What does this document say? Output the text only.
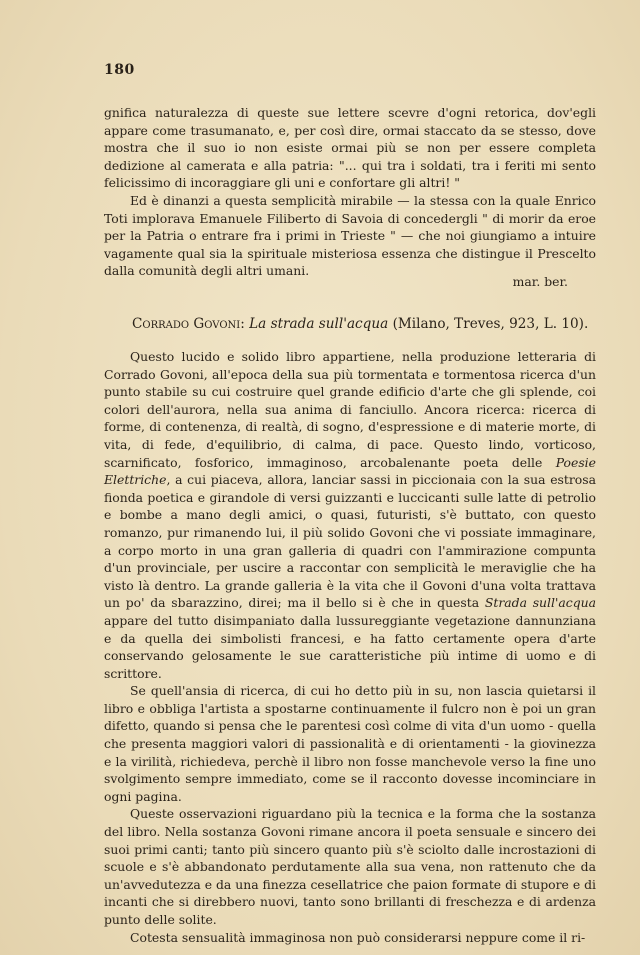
180

gnifica naturalezza di queste sue lettere scevre d'ogni retorica, dov'egli appare come trasumanato, e, per così dire, ormai staccato da se stesso, dove mostra che il suo io non esiste ormai più se non per essere completa dedizione al camerata e alla patria: "... qui tra i soldati, tra i feriti mi sento felicissimo di incoraggiare gli uni e confortare gli altri! "

Ed è dinanzi a questa semplicità mirabile — la stessa con la quale Enrico Toti implorava Emanuele Filiberto di Savoia di concedergli " di morir da eroe per la Patria o entrare fra i primi in Trieste " — che noi giungiamo a intuire vagamente qual sia la spirituale misteriosa essenza che distingue il Prescelto dalla comunità degli altri umani.

mar. ber.
Corrado Govoni: La strada sull'acqua (Milano, Treves, 923, L. 10).

Questo lucido e solido libro appartiene, nella produzione letteraria di Corrado Govoni, all'epoca della sua più tormentata e tormentosa ricerca d'un punto stabile su cui costruire quel grande edificio d'arte che gli splende, coi colori dell'aurora, nella sua anima di fanciullo. Ancora ricerca: ricerca di forme, di contenenza, di realtà, di sogno, d'espressione e di materie morte, di vita, di fede, d'equilibrio, di calma, di pace. Questo lindo, vorticoso, scarnificato, fosforico, immaginoso, arcobalenante poeta delle Poesie Elettriche, a cui piaceva, allora, lanciar sassi in piccionaia con la sua estrosa fionda poetica e girandole di versi guizzanti e luccicanti sulle latte di petrolio e bombe a mano degli amici, o quasi, futuristi, s'è buttato, con questo romanzo, pur rimanendo lui, il più solido Govoni che vi possiate immaginare, a corpo morto in una gran galleria di quadri con l'ammirazione compunta d'un provinciale, per uscire a raccontar con semplicità le meraviglie che ha visto là dentro. La grande galleria è la vita che il Govoni d'una volta trattava un po' da sbarazzino, direi; ma il bello si è che in questa Strada sull'acqua appare del tutto disimpaniato dalla lussureggiante vegetazione dannunziana e da quella dei simbolisti francesi, e ha fatto certamente opera d'arte conservando gelosamente le sue caratteristiche più intime di uomo e di scrittore.

Se quell'ansia di ricerca, di cui ho detto più in su, non lascia quietarsi il libro e obbliga l'artista a spostarne continuamente il fulcro non è poi un gran difetto, quando si pensa che le parentesi così colme di vita d'un uomo - quella che presenta maggiori valori di passionalità e di orientamenti - la giovinezza e la virilità, richiedeva, perchè il libro non fosse manchevole verso la fine uno svolgimento sempre immediato, come se il racconto dovesse incominciare in ogni pagina.

Queste osservazioni riguardano più la tecnica e la forma che la sostanza del libro. Nella sostanza Govoni rimane ancora il poeta sensuale e sincero dei suoi primi canti; tanto più sincero quanto più s'è sciolto dalle incrostazioni di scuole e s'è abbandonato perdutamente alla sua vena, non rattenuto che da un'avvedutezza e da una finezza cesellatrice che paion formate di stupore e di incanti che si direbbero nuovi, tanto sono brillanti di freschezza e di ardenza punto delle solite.

Cotesta sensualità immaginosa non può considerarsi neppure come il ri-
